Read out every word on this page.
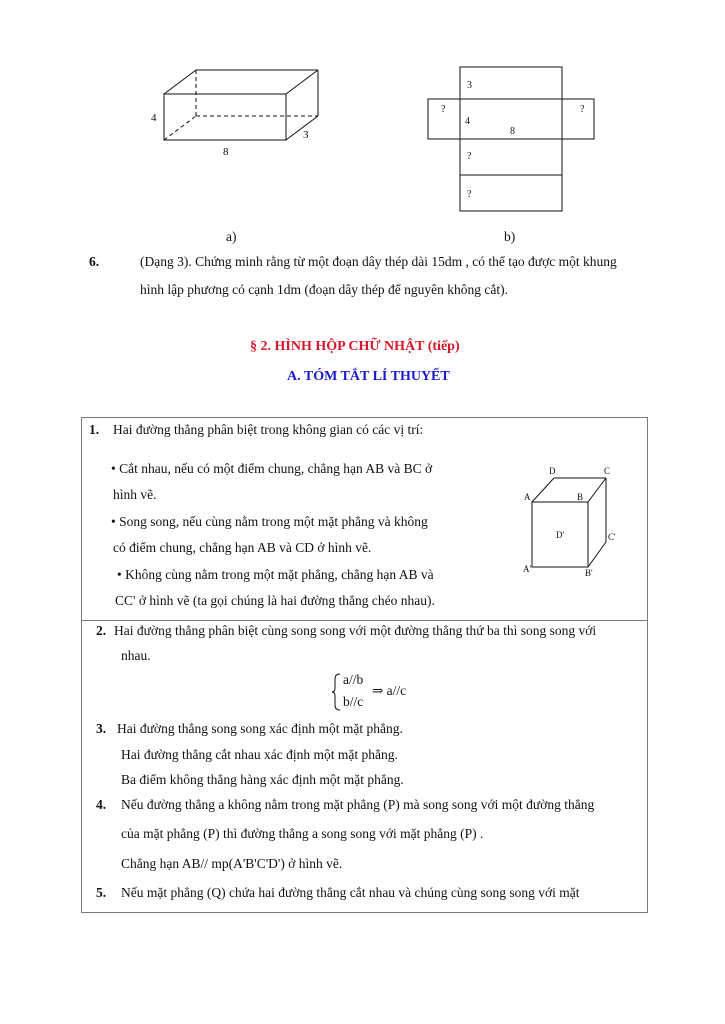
4
3
8
a)
3
?	?
4
8
?
?
b)
6.	(Dạng 3). Chứng minh rằng từ một đoạn dây thép dài 15dm , có thể tạo được một khung
hình lập phương có cạnh 1dm (đoạn dây thép để nguyên không cắt).
§ 2. HÌNH HỘP CHỮ NHẬT (tiếp)
A. TÓM TẮT LÍ THUYẾT
1. Hai đường thẳng phân biệt trong không gian có các vị trí:
• Cắt nhau, nếu có một điểm chung, chẳng hạn AB và BC ở
hình vẽ.
• Song song, nếu cùng nằm trong một mặt phẳng và không
có điểm chung, chẳng hạn AB và CD ở hình vẽ.
• Không cùng nằm trong một mặt phẳng, chẳng hạn AB và
CC' ở hình vẽ (ta gọi chúng là hai đường thẳng chéo nhau).
D	C
A	B
D'	C'
A'	B'
2. Hai đường thẳng phân biệt cùng song song với một đường thẳng thứ ba thì song song với
nhau.
a//b
b//c
⇒ a//c
3. Hai đường thẳng song song xác định một mặt phẳng.
Hai đường thẳng cắt nhau xác định một mặt phẳng.
Ba điểm không thẳng hàng xác định một mặt phẳng.
4. Nếu đường thẳng a không nằm trong mặt phẳng (P) mà song song với một đường thẳng
của mặt phẳng (P) thì đường thẳng a song song với mặt phẳng (P) .
Chẳng hạn AB// mp(A'B'C'D') ở hình vẽ.
5. Nếu mặt phẳng (Q) chứa hai đường thẳng cắt nhau và chúng cùng song song với mặt
